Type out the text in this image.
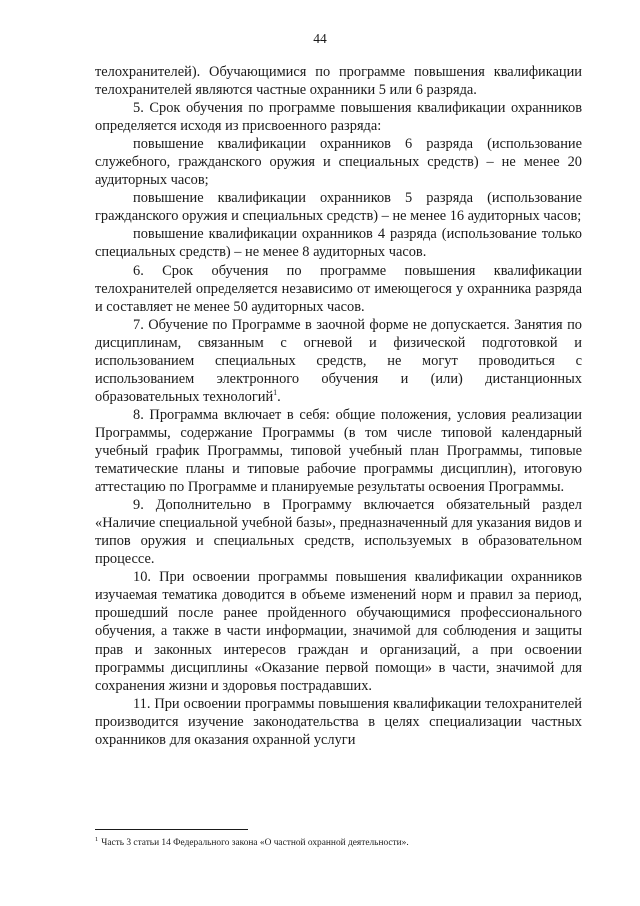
44

телохранителей). Обучающимися по программе повышения квалификации телохранителей являются частные охранники 5 или 6 разряда.

5. Срок обучения по программе повышения квалификации охранников определяется исходя из присвоенного разряда:

повышение квалификации охранников 6 разряда (использование служебного, гражданского оружия и специальных средств) – не менее 20 аудиторных часов;

повышение квалификации охранников 5 разряда (использование гражданского оружия и специальных средств) – не менее 16 аудиторных часов;

повышение квалификации охранников 4 разряда (использование только специальных средств) – не менее 8 аудиторных часов.

6. Срок обучения по программе повышения квалификации телохранителей определяется независимо от имеющегося у охранника разряда и составляет не менее 50 аудиторных часов.

7. Обучение по Программе в заочной форме не допускается. Занятия по дисциплинам, связанным с огневой и физической подготовкой и использованием специальных средств, не могут проводиться с использованием электронного обучения и (или) дистанционных образовательных технологий$^1$.

8. Программа включает в себя: общие положения, условия реализации Программы, содержание Программы (в том числе типовой календарный учебный график Программы, типовой учебный план Программы, типовые тематические планы и типовые рабочие программы дисциплин), итоговую аттестацию по Программе и планируемые результаты освоения Программы.

9. Дополнительно в Программу включается обязательный раздел «Наличие специальной учебной базы», предназначенный для указания видов и типов оружия и специальных средств, используемых в образовательном процессе.

10. При освоении программы повышения квалификации охранников изучаемая тематика доводится в объеме изменений норм и правил за период, прошедший после ранее пройденного обучающимися профессионального обучения, а также в части информации, значимой для соблюдения и защиты прав и законных интересов граждан и организаций, а при освоении программы дисциплины «Оказание первой помощи» в части, значимой для сохранения жизни и здоровья пострадавших.

11. При освоении программы повышения квалификации телохранителей производится изучение законодательства в целях специализации частных охранников для оказания охранной услуги

$^1$ Часть 3 статьи 14 Федерального закона «О частной охранной деятельности».
